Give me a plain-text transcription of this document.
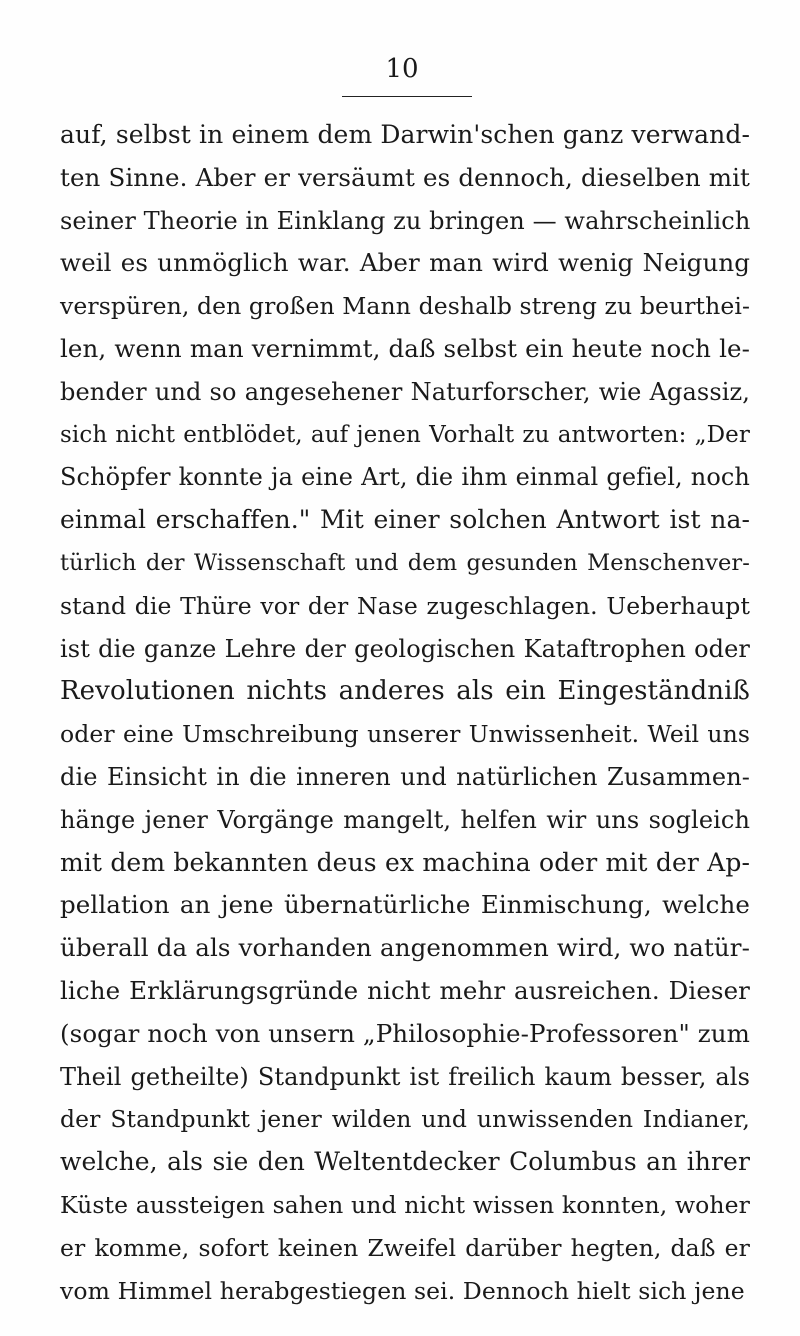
10
auf, selbst in einem dem Darwin'schen ganz verwand-
ten Sinne. Aber er versäumt es dennoch, dieselben mit
seiner Theorie in Einklang zu bringen — wahrscheinlich
weil es unmöglich war. Aber man wird wenig Neigung
verspüren, den großen Mann deshalb streng zu beurthei-
len, wenn man vernimmt, daß selbst ein heute noch le-
bender und so angesehener Naturforscher, wie Agassiz,
sich nicht entblödet, auf jenen Vorhalt zu antworten: „Der
Schöpfer konnte ja eine Art, die ihm einmal gefiel, noch
einmal erschaffen." Mit einer solchen Antwort ist na-
türlich der Wissenschaft und dem gesunden Menschenver-
stand die Thüre vor der Nase zugeschlagen. Ueberhaupt
ist die ganze Lehre der geologischen Kataftrophen oder
Revolutionen nichts anderes als ein Eingeständniß
oder eine Umschreibung unserer Unwissenheit. Weil uns
die Einsicht in die inneren und natürlichen Zusammen-
hänge jener Vorgänge mangelt, helfen wir uns sogleich
mit dem bekannten deus ex machina oder mit der Ap-
pellation an jene übernatürliche Einmischung, welche
überall da als vorhanden angenommen wird, wo natür-
liche Erklärungsgründe nicht mehr ausreichen. Dieser
(sogar noch von unsern „Philosophie-Professoren" zum
Theil getheilte) Standpunkt ist freilich kaum besser, als
der Standpunkt jener wilden und unwissenden Indianer,
welche, als sie den Weltentdecker Columbus an ihrer
Küste aussteigen sahen und nicht wissen konnten, woher
er komme, sofort keinen Zweifel darüber hegten, daß er
vom Himmel herabgestiegen sei. Dennoch hielt sich jene
